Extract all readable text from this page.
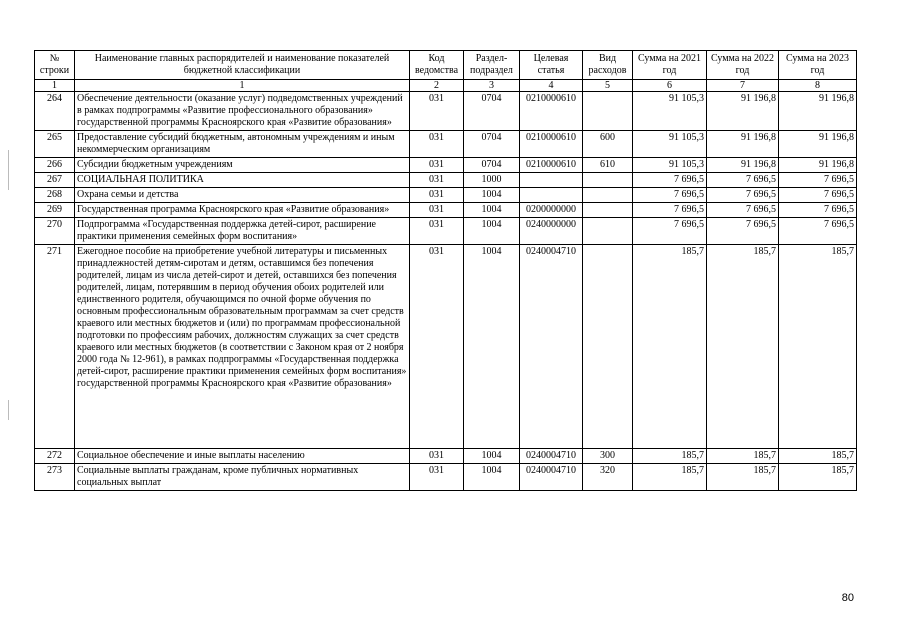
№ строки	Наименование главных распорядителей и наименование показателей бюджетной классификации	Код ведомства	Раздел-подраздел	Целевая статья	Вид расходов	Сумма на 2021 год	Сумма на 2022 год	Сумма на 2023 год
1	1	2	3	4	5	6	7	8
264	Обеспечение деятельности (оказание услуг) подведомственных учреждений в рамках подпрограммы «Развитие профессионального образования» государственной программы Красноярского края «Развитие образования»	031	0704	0210000610		91 105,3	91 196,8	91 196,8
265	Предоставление субсидий бюджетным, автономным учреждениям и иным некоммерческим организациям	031	0704	0210000610	600	91 105,3	91 196,8	91 196,8
266	Субсидии бюджетным учреждениям	031	0704	0210000610	610	91 105,3	91 196,8	91 196,8
267	СОЦИАЛЬНАЯ ПОЛИТИКА	031	1000			7 696,5	7 696,5	7 696,5
268	Охрана семьи и детства	031	1004			7 696,5	7 696,5	7 696,5
269	Государственная программа Красноярского края «Развитие образования»	031	1004	0200000000		7 696,5	7 696,5	7 696,5
270	Подпрограмма «Государственная поддержка детей-сирот, расширение практики применения семейных форм воспитания»	031	1004	0240000000		7 696,5	7 696,5	7 696,5
271	Ежегодное пособие на приобретение учебной литературы и письменных принадлежностей детям-сиротам и детям, оставшимся без попечения родителей, лицам из числа детей-сирот и детей, оставшихся без попечения родителей, лицам, потерявшим в период обучения обоих родителей или единственного родителя, обучающимся по очной форме обучения по основным профессиональным образовательным программам за счет средств краевого или местных бюджетов и (или) по программам профессиональной подготовки по профессиям рабочих, должностям служащих за счет средств краевого или местных бюджетов (в соответствии с Законом края от 2 ноября 2000 года № 12-961), в рамках подпрограммы «Государственная поддержка детей-сирот, расширение практики применения семейных форм воспитания» государственной программы Красноярского края «Развитие образования»	031	1004	0240004710		185,7	185,7	185,7
272	Социальное обеспечение и иные выплаты населению	031	1004	0240004710	300	185,7	185,7	185,7
273	Социальные выплаты гражданам, кроме публичных нормативных социальных выплат	031	1004	0240004710	320	185,7	185,7	185,7
80
